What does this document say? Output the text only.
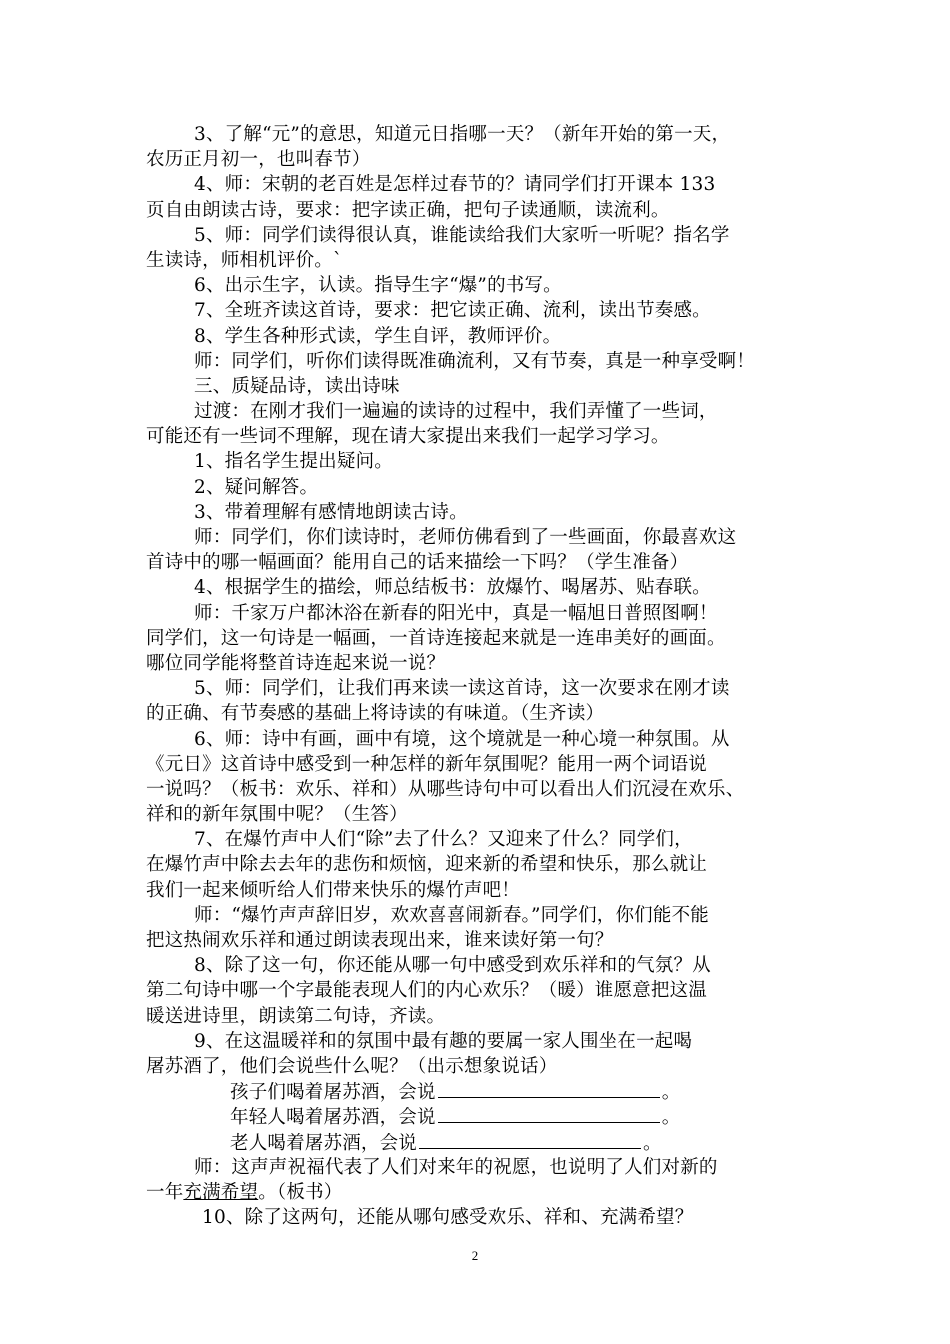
3、了解“元”的意思，知道元日指哪一天？（新年开始的第一天，
农历正月初一，也叫春节）
4、师：宋朝的老百姓是怎样过春节的？请同学们打开课本 133
页自由朗读古诗，要求：把字读正确，把句子读通顺，读流利。
5、师：同学们读得很认真，谁能读给我们大家听一听呢？指名学
生读诗，师相机评价。`
6、出示生字，认读。指导生字“爆”的书写。
7、全班齐读这首诗，要求：把它读正确、流利，读出节奏感。
8、学生各种形式读，学生自评，教师评价。
师：同学们，听你们读得既准确流利，又有节奏，真是一种享受啊！
三、质疑品诗，读出诗味
过渡：在刚才我们一遍遍的读诗的过程中，我们弄懂了一些词，
可能还有一些词不理解，现在请大家提出来我们一起学习学习。
1、指名学生提出疑问。
2、疑问解答。
3、带着理解有感情地朗读古诗。
师：同学们，你们读诗时，老师仿佛看到了一些画面，你最喜欢这
首诗中的哪一幅画面？能用自己的话来描绘一下吗？（学生准备）
4、根据学生的描绘，师总结板书：放爆竹、喝屠苏、贴春联。
师：千家万户都沐浴在新春的阳光中，真是一幅旭日普照图啊！
同学们，这一句诗是一幅画，一首诗连接起来就是一连串美好的画面。
哪位同学能将整首诗连起来说一说？
5、师：同学们，让我们再来读一读这首诗，这一次要求在刚才读
的正确、有节奏感的基础上将诗读的有味道。（生齐读）
6、师：诗中有画，画中有境，这个境就是一种心境一种氛围。从
《元日》这首诗中感受到一种怎样的新年氛围呢？能用一两个词语说
一说吗？（板书：欢乐、祥和）从哪些诗句中可以看出人们沉浸在欢乐、
祥和的新年氛围中呢？（生答）
7、在爆竹声中人们“除”去了什么？又迎来了什么？同学们，
在爆竹声中除去去年的悲伤和烦恼，迎来新的希望和快乐，那么就让
我们一起来倾听给人们带来快乐的爆竹声吧！
师：“爆竹声声辞旧岁，欢欢喜喜闹新春。”同学们，你们能不能
把这热闹欢乐祥和通过朗读表现出来，谁来读好第一句？
8、除了这一句，你还能从哪一句中感受到欢乐祥和的气氛？从
第二句诗中哪一个字最能表现人们的内心欢乐？（暖）谁愿意把这温
暖送进诗里，朗读第二句诗，齐读。
9、在这温暖祥和的氛围中最有趣的要属一家人围坐在一起喝
屠苏酒了，他们会说些什么呢？（出示想象说话）
孩子们喝着屠苏酒，会说	。
年轻人喝着屠苏酒，会说	。
老人喝着屠苏酒，会说	。
师：这声声祝福代表了人们对来年的祝愿，也说明了人们对新的
一年充满希望。（板书）
10、除了这两句，还能从哪句感受欢乐、祥和、充满希望？
2
